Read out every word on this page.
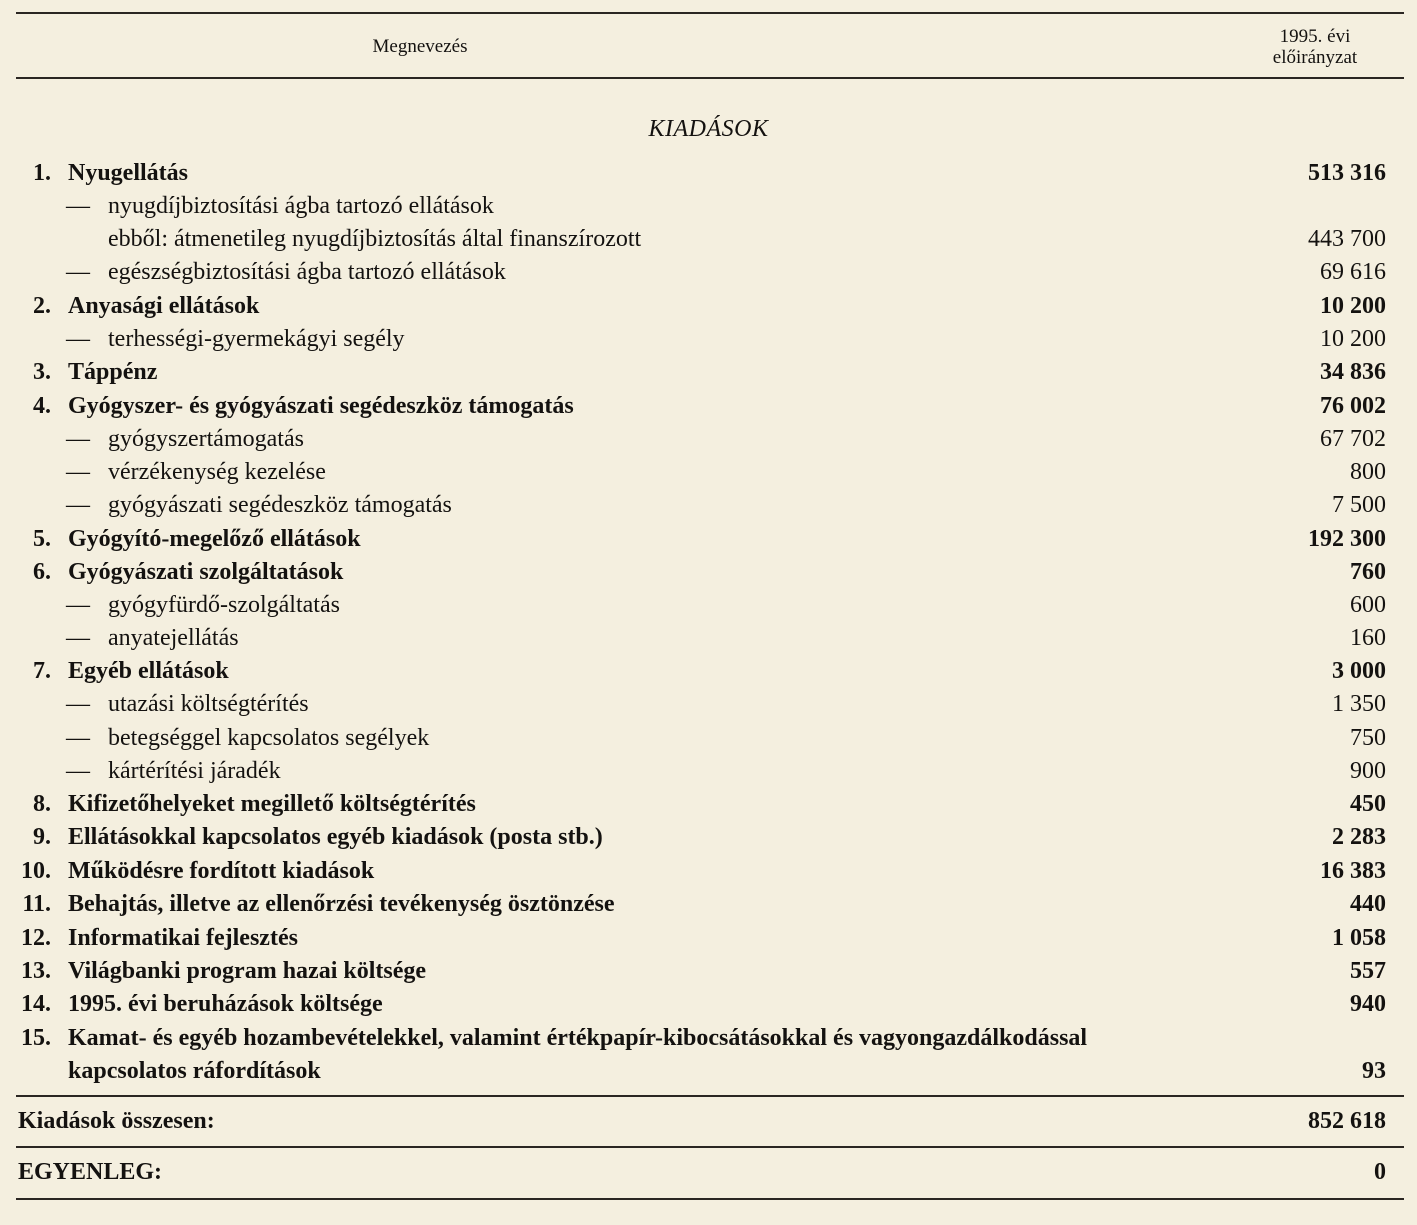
Megnevezés	1995. évi
előirányzat
KIADÁSOK
1. Nyugellátás	513 316
— nyugdíjbiztosítási ágba tartozó ellátások
ebből: átmenetileg nyugdíjbiztosítás által finanszírozott	443 700
— egészségbiztosítási ágba tartozó ellátások	69 616
2. Anyasági ellátások	10 200
— terhességi-gyermekágyi segély	10 200
3. Táppénz	34 836
4. Gyógyszer- és gyógyászati segédeszköz támogatás	76 002
— gyógyszertámogatás	67 702
— vérzékenység kezelése	800
— gyógyászati segédeszköz támogatás	7 500
5. Gyógyító-megelőző ellátások	192 300
6. Gyógyászati szolgáltatások	760
— gyógyfürdő-szolgáltatás	600
— anyatejellátás	160
7. Egyéb ellátások	3 000
— utazási költségtérítés	1 350
— betegséggel kapcsolatos segélyek	750
— kártérítési járadék	900
8. Kifizetőhelyeket megillető költségtérítés	450
9. Ellátásokkal kapcsolatos egyéb kiadások (posta stb.)	2 283
10. Működésre fordított kiadások	16 383
11. Behajtás, illetve az ellenőrzési tevékenység ösztönzése	440
12. Informatikai fejlesztés	1 058
13. Világbanki program hazai költsége	557
14. 1995. évi beruházások költsége	940
15. Kamat- és egyéb hozambevételekkel, valamint értékpapír-kibocsátásokkal és vagyongazdálkodással
kapcsolatos ráfordítások	93
Kiadások összesen:	852 618
EGYENLEG:	0
